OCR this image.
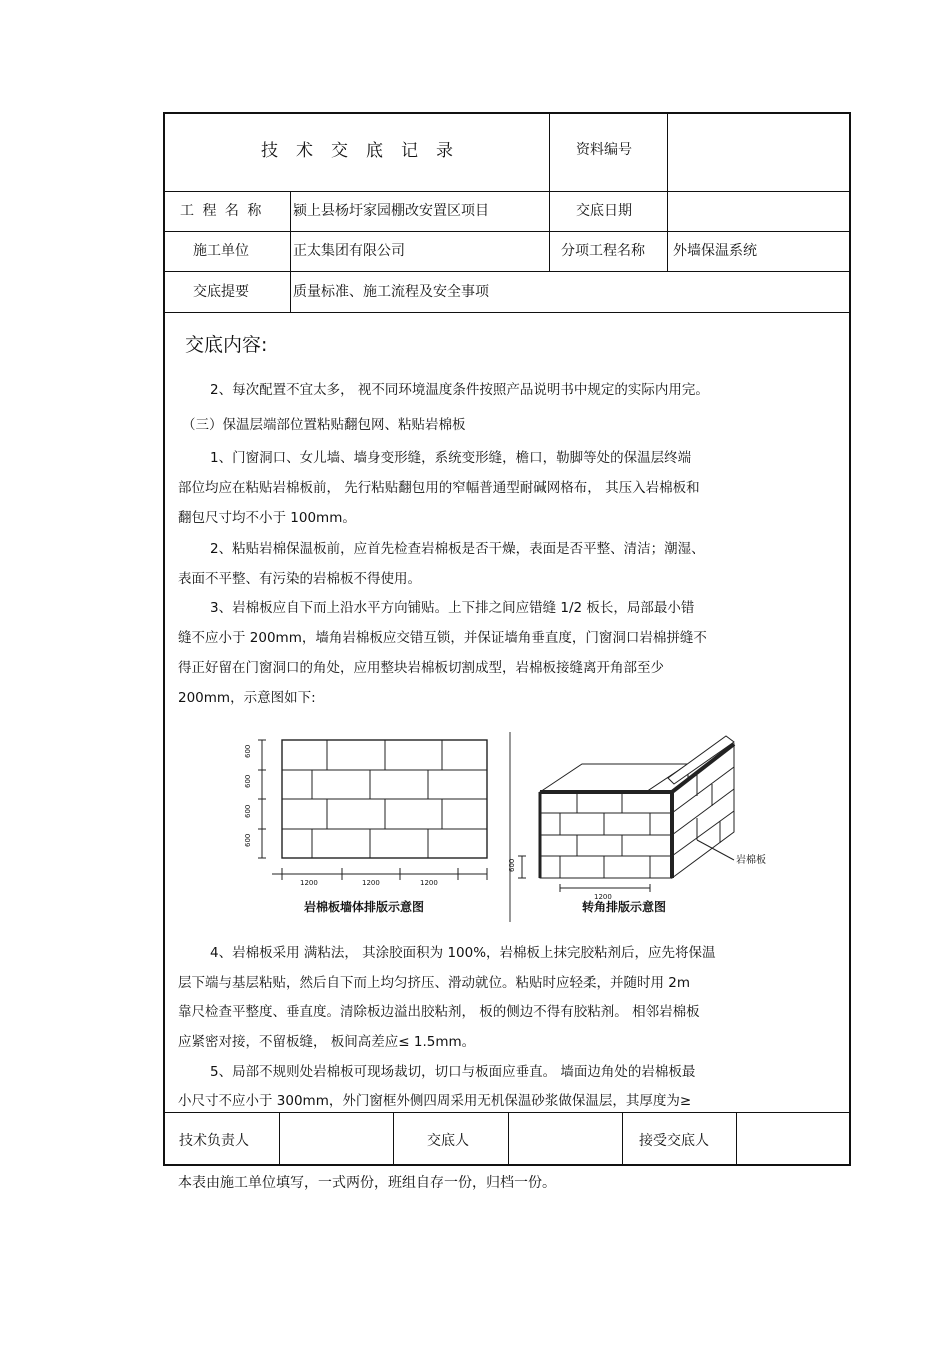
技术交底记录	资料编号
工 程 名 称 颍上县杨圩家园棚改安置区项目	交底日期
施工单位	正太集团有限公司	分项工程名称 外墙保温系统
交底提要	质量标准、施工流程及安全事项
技术负责人	交底人	接受交底人
交底内容:
2、每次配置不宜太多， 视不同环境温度条件按照产品说明书中规定的实际内用完。
（三）保温层端部位置粘贴翻包网、粘贴岩棉板
1、门窗洞口、女儿墙、墙身变形缝，系统变形缝，檐口，勒脚等处的保温层终端
部位均应在粘贴岩棉板前， 先行粘贴翻包用的窄幅普通型耐碱网格布， 其压入岩棉板和
翻包尺寸均不小于 100mm。
2、粘贴岩棉保温板前，应首先检查岩棉板是否干燥，表面是否平整、清洁；潮湿、
表面不平整、有污染的岩棉板不得使用。
3、岩棉板应自下而上沿水平方向铺贴。上下排之间应错缝 1/2 板长，局部最小错
缝不应小于 200mm，墙角岩棉板应交错互锁，并保证墙角垂直度，门窗洞口岩棉拼缝不
得正好留在门窗洞口的角处，应用整块岩棉板切割成型，岩棉板接缝离开角部至少
200mm，示意图如下:
600
600
600
600
1200	1200	1200
600
1200
岩棉板
岩棉板墙体排版示意图	转角排版示意图
4、岩棉板采用 满粘法， 其涂胶面积为 100%，岩棉板上抹完胶粘剂后，应先将保温
层下端与基层粘贴，然后自下而上均匀挤压、滑动就位。粘贴时应轻柔，并随时用 2m
靠尺检查平整度、垂直度。清除板边溢出胶粘剂， 板的侧边不得有胶粘剂。 相邻岩棉板
应紧密对接，不留板缝， 板间高差应≤ 1.5mm。
5、局部不规则处岩棉板可现场裁切，切口与板面应垂直。 墙面边角处的岩棉板最
小尺寸不应小于 300mm，外门窗框外侧四周采用无机保温砂浆做保温层，其厚度为≥
本表由施工单位填写，一式两份，班组自存一份，归档一份。
